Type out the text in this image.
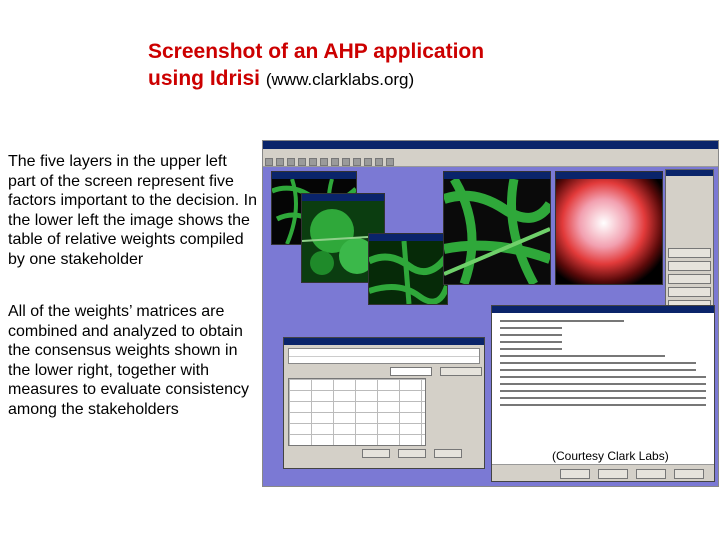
Screenshot of an AHP application
using Idrisi (www.clarklabs.org)
The five layers in the upper left part of the screen represent five factors important to the decision. In the lower left the image shows the table of relative weights compiled by one stakeholder
All of the weights’ matrices are combined and analyzed to obtain the consensus weights shown in the lower right, together with measures to evaluate consistency among the stakeholders
(Courtesy Clark Labs)
